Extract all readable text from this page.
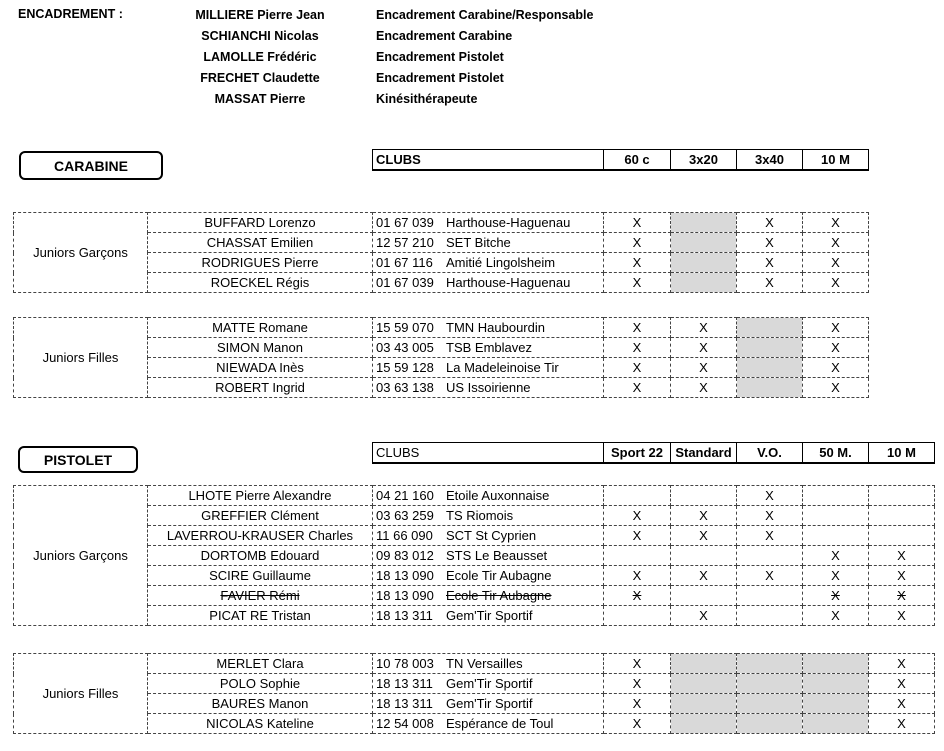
ENCADREMENT :	MILLIERE Pierre Jean	Encadrement Carabine/Responsable
SCHIANCHI Nicolas	Encadrement Carabine
LAMOLLE Frédéric	Encadrement Pistolet
FRECHET Claudette	Encadrement Pistolet
MASSAT Pierre	Kinésithérapeute
CARABINE	CLUBS	60 c	3x20	3x40	10 M
Juniors Garçons	BUFFARD Lorenzo	01 67 039 Harthouse-Haguenau	X		X	X
	CHASSAT Emilien	12 57 210 SET Bitche	X		X	X
	RODRIGUES Pierre	01 67 116 Amitié Lingolsheim	X		X	X
	ROECKEL Régis	01 67 039 Harthouse-Haguenau	X		X	X
Juniors Filles	MATTE Romane	15 59 070 TMN Haubourdin	X	X		X
	SIMON Manon	03 43 005 TSB Emblavez	X	X		X
	NIEWADA Inès	15 59 128 La Madeleinoise Tir	X	X		X
	ROBERT Ingrid	03 63 138 US Issoirienne	X	X		X
PISTOLET	CLUBS	Sport 22	Standard	V.O.	50 M.	10 M
Juniors Garçons	LHOTE Pierre Alexandre	04 21 160 Etoile Auxonnaise			X		
	GREFFIER Clément	03 63 259 TS Riomois	X	X	X		
	LAVERROU-KRAUSER Charles	11 66 090 SCT St Cyprien	X	X	X		
	DORTOMB Edouard	09 83 012 STS Le Beausset				X	X
	SCIRE Guillaume	18 13 090 Ecole Tir Aubagne	X	X	X	X	X
	FAVIER Rémi	18 13 090 Ecole Tir Aubagne	X			X	X
	PICAT RE Tristan	18 13 311 Gem'Tir Sportif		X		X	X
Juniors Filles	MERLET Clara	10 78 003 TN Versailles	X				X
	POLO Sophie	18 13 311 Gem'Tir Sportif	X				X
	BAURES Manon	18 13 311 Gem'Tir Sportif	X				X
	NICOLAS Kateline	12 54 008 Espérance de Toul	X				X
